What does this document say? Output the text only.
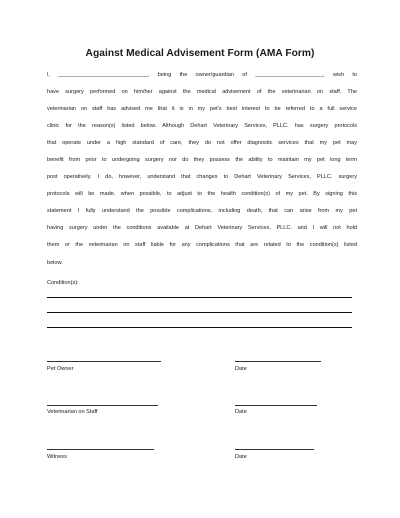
Against Medical Advisement Form (AMA Form)
I, _____________________________, being the owner/guardian of ______________________, wish to
have surgery performed on him/her against the medical advisement of the veterinarian on staff. The
veterinarian on staff has advised me that it is in my pet’s best interest to be referred to a full service
clinic for the reason(s) listed below. Although Dehart Veterinary Services, PLLC. has surgery protocols
that operate under a high standard of care, they do not offer diagnostic services that my pet may
benefit from prior to undergoing surgery nor do they possess the ability to maintain my pet long term
post operatively. I do, however, understand that changes to Dehart Veterinary Services, PLLC. surgery
protocols will be made, when possible, to adjust to the health condition(s) of my pet. By signing this
statement I fully understand the possible complications, including death, that can arise from my pet
having surgery under the conditions available at Dehart Veterinary Services, PLLC. and I will not hold
them or the veterinarian on staff liable for any complications that are related to the condition(s) listed
below.
Condition(s):
Pet Owner	Date
Veterinarian on Staff	Date
Witness	Date
